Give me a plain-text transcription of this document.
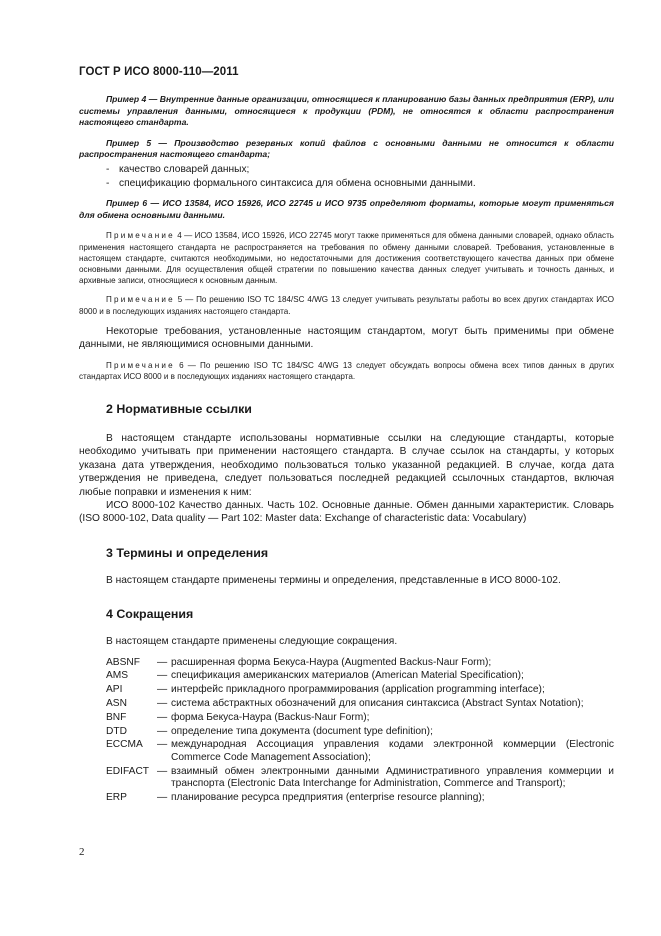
ГОСТ Р ИСО 8000-110—2011

Пример 4 — Внутренние данные организации, относящиеся к планированию базы данных предприятия (ERP), или системы управления данными, относящиеся к продукции (PDM), не относятся к области распространения настоящего стандарта.

Пример 5 — Производство резервных копий файлов с основными данными не относится к области распространения настоящего стандарта;

- качество словарей данных;
- спецификацию формального синтаксиса для обмена основными данными.

Пример 6 — ИСО 13584, ИСО 15926, ИСО 22745 и ИСО 9735 определяют форматы, которые могут применяться для обмена основными данными.

Примечание 4 — ИСО 13584, ИСО 15926, ИСО 22745 могут также применяться для обмена данными словарей, однако область применения настоящего стандарта не распространяется на требования по обмену данными словарей. Требования, установленные в настоящем стандарте, считаются необходимыми, но недостаточными для достижения соответствующего качества данных при обмене основными данными. Для осуществления общей стратегии по повышению качества данных следует учитывать и точность данных, и архивные записи, относящиеся к основным данным.

Примечание 5 — По решению ISO TC 184/SC 4/WG 13 следует учитывать результаты работы во всех других стандартах ИСО 8000 и в последующих изданиях настоящего стандарта.

Некоторые требования, установленные настоящим стандартом, могут быть применимы при обмене данными, не являющимися основными данными.

Примечание 6 — По решению ISO TC 184/SC 4/WG 13 следует обсуждать вопросы обмена всех типов данных в других стандартах ИСО 8000 и в последующих изданиях настоящего стандарта.

2 Нормативные ссылки

В настоящем стандарте использованы нормативные ссылки на следующие стандарты, которые необходимо учитывать при применении настоящего стандарта. В случае ссылок на стандарты, у которых указана дата утверждения, необходимо пользоваться только указанной редакцией. В случае, когда дата утверждения не приведена, следует пользоваться последней редакцией ссылочных стандартов, включая любые поправки и изменения к ним:

ИСО 8000-102 Качество данных. Часть 102. Основные данные. Обмен данными характеристик. Словарь (ISO 8000-102, Data quality — Part 102: Master data: Exchange of characteristic data: Vocabulary)

3 Термины и определения

В настоящем стандарте применены термины и определения, представленные в ИСО 8000-102.

4 Сокращения

В настоящем стандарте применены следующие сокращения.

ABSNF	— расширенная форма Бекуса-Наура (Augmented Backus-Naur Form);
AMS	— спецификация американских материалов (American Material Specification);
API	— интерфейс прикладного программирования (application programming interface);
ASN	— система абстрактных обозначений для описания синтаксиса (Abstract Syntax Notation);
BNF	— форма Бекуса-Наура (Backus-Naur Form);
DTD	— определение типа документа (document type definition);
ECCMA	— международная Ассоциация управления кодами электронной коммерции (Electronic Commerce Code Management Association);
EDIFACT — взаимный обмен электронными данными Административного управления коммерции и транспорта (Electronic Data Interchange for Administration, Commerce and Transport);
ERP	— планирование ресурса предприятия (enterprise resource planning);
2
